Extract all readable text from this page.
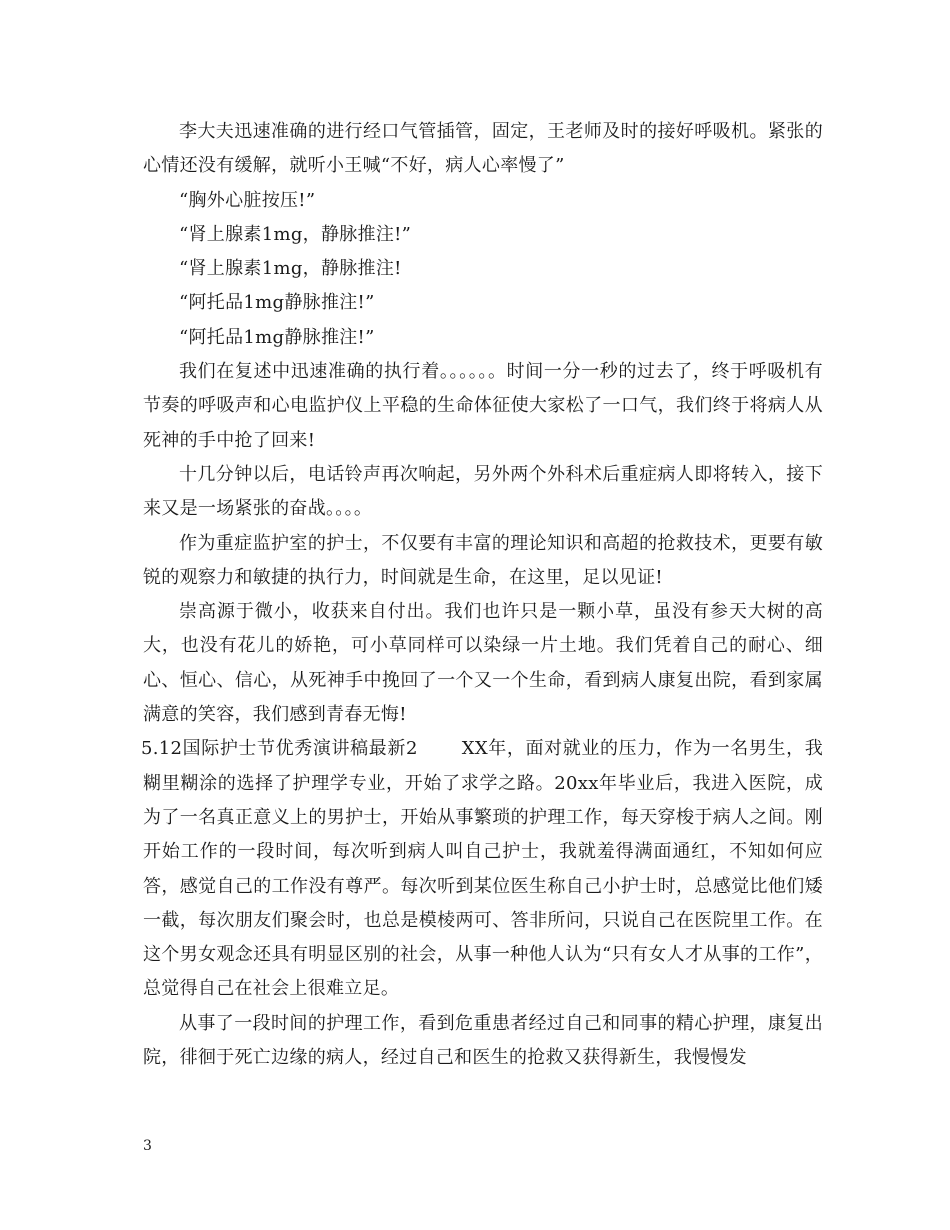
李大夫迅速准确的进行经口气管插管，固定，王老师及时的接好呼吸机。紧张的心情还没有缓解，就听小王喊“不好，病人心率慢了”

“胸外心脏按压!”

“肾上腺素1mg，静脉推注!”

“肾上腺素1mg，静脉推注!

“阿托品1mg静脉推注!”

“阿托品1mg静脉推注!”

我们在复述中迅速准确的执行着。。。。。。时间一分一秒的过去了，终于呼吸机有节奏的呼吸声和心电监护仪上平稳的生命体征使大家松了一口气，我们终于将病人从死神的手中抢了回来!

十几分钟以后，电话铃声再次响起，另外两个外科术后重症病人即将转入，接下来又是一场紧张的奋战。。。。

作为重症监护室的护士，不仅要有丰富的理论知识和高超的抢救技术，更要有敏锐的观察力和敏捷的执行力，时间就是生命，在这里，足以见证!

崇高源于微小，收获来自付出。我们也许只是一颗小草，虽没有参天大树的高大，也没有花儿的娇艳，可小草同样可以染绿一片土地。我们凭着自己的耐心、细心、恒心、信心，从死神手中挽回了一个又一个生命，看到病人康复出院，看到家属满意的笑容，我们感到青春无悔!

5.12国际护士节优秀演讲稿最新2 XX年，面对就业的压力，作为一名男生，我糊里糊涂的选择了护理学专业，开始了求学之路。20xx年毕业后，我进入医院，成为了一名真正意义上的男护士，开始从事繁琐的护理工作，每天穿梭于病人之间。刚开始工作的一段时间，每次听到病人叫自己护士，我就羞得满面通红，不知如何应答，感觉自己的工作没有尊严。每次听到某位医生称自己小护士时，总感觉比他们矮一截，每次朋友们聚会时，也总是模棱两可、答非所问，只说自己在医院里工作。在这个男女观念还具有明显区别的社会，从事一种他人认为“只有女人才从事的工作”，总觉得自己在社会上很难立足。

从事了一段时间的护理工作，看到危重患者经过自己和同事的精心护理，康复出院，徘徊于死亡边缘的病人，经过自己和医生的抢救又获得新生，我慢慢发

3
